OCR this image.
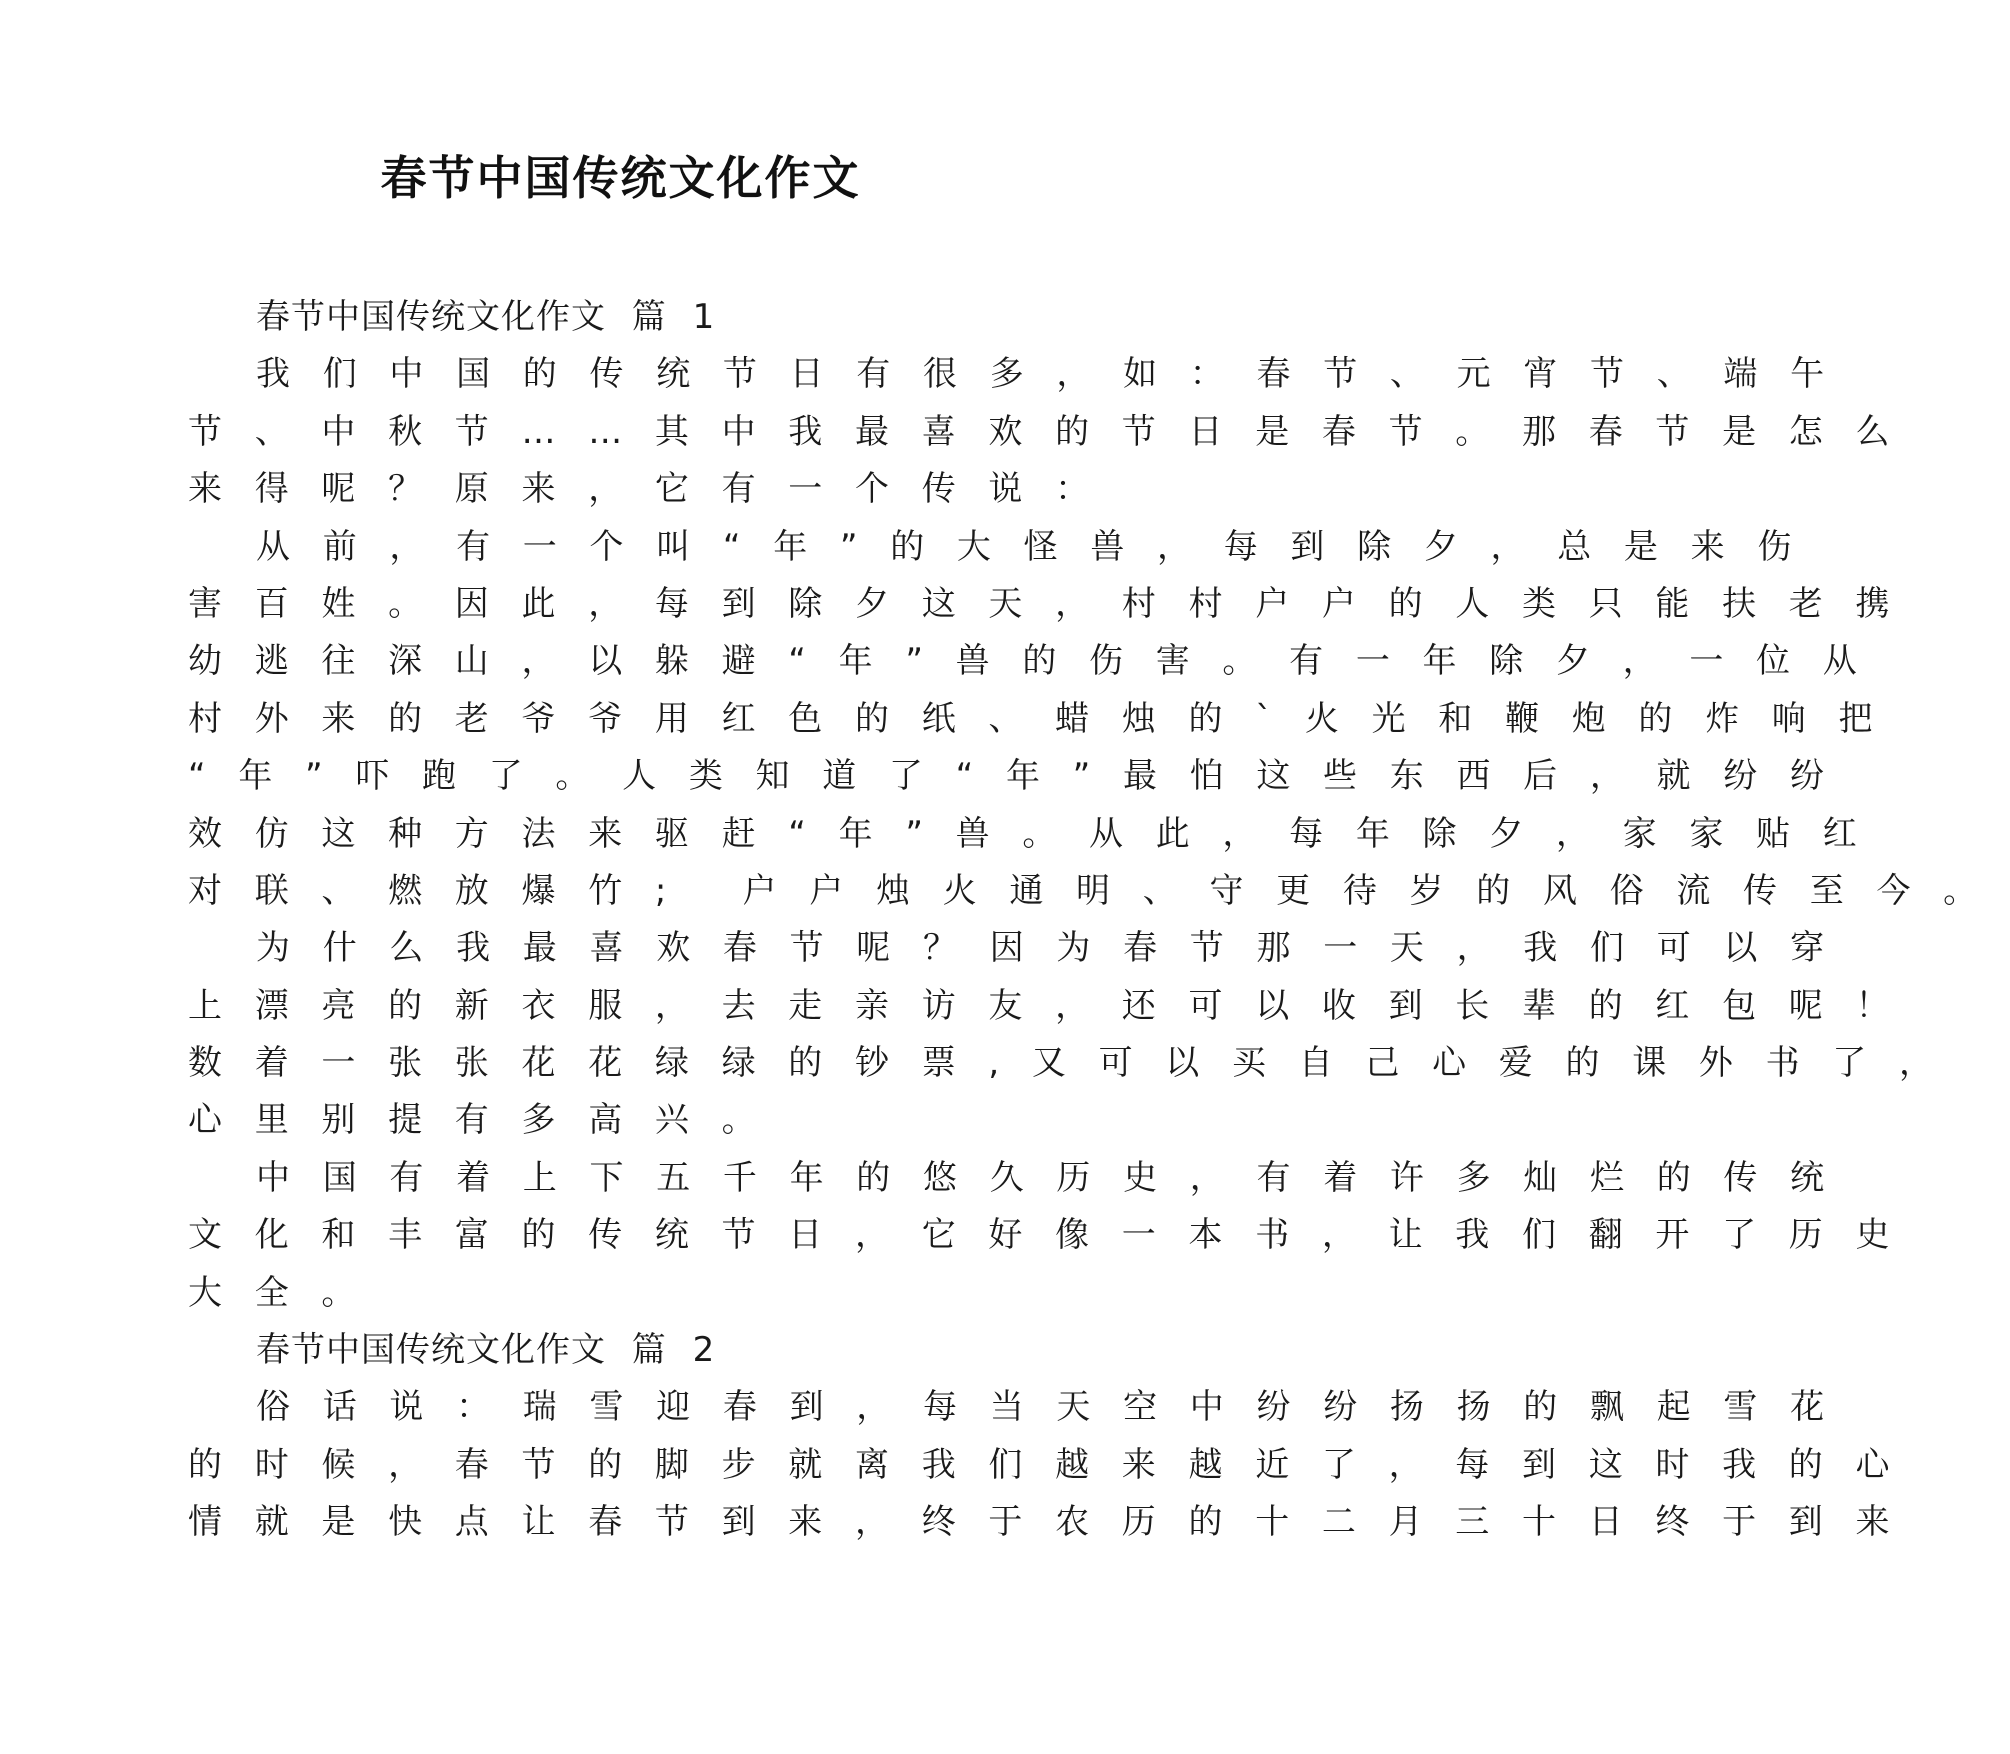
春节中国传统文化作文
春节中国传统文化作文 篇 1
我们中国的传统节日有很多，如：春节、元宵节、端午
节、中秋节……其中我最喜欢的节日是春节。那春节是怎么
来得呢？原来，它有一个传说：
从前，有一个叫“年”的大怪兽，每到除夕，总是来伤
害百姓。因此，每到除夕这天，村村户户的人类只能扶老携
幼逃往深山，以躲避“年”兽的伤害。有一年除夕，一位从
村外来的老爷爷用红色的纸、蜡烛的`火光和鞭炮的炸响把
“年”吓跑了。人类知道了“年”最怕这些东西后，就纷纷
效仿这种方法来驱赶“年”兽。从此，每年除夕，家家贴红
对联、燃放爆竹; 户户烛火通明、守更待岁的风俗流传至今。
为什么我最喜欢春节呢？因为春节那一天，我们可以穿
上漂亮的新衣服，去走亲访友，还可以收到长辈的红包呢！
数着一张张花花绿绿的钞票,又可以买自己心爱的课外书了，
心里别提有多高兴。
中国有着上下五千年的悠久历史，有着许多灿烂的传统
文化和丰富的传统节日，它好像一本书，让我们翻开了历史
大全。
春节中国传统文化作文 篇 2
俗话说：瑞雪迎春到，每当天空中纷纷扬扬的飘起雪花
的时候，春节的脚步就离我们越来越近了，每到这时我的心
情就是快点让春节到来，终于农历的十二月三十日终于到来
